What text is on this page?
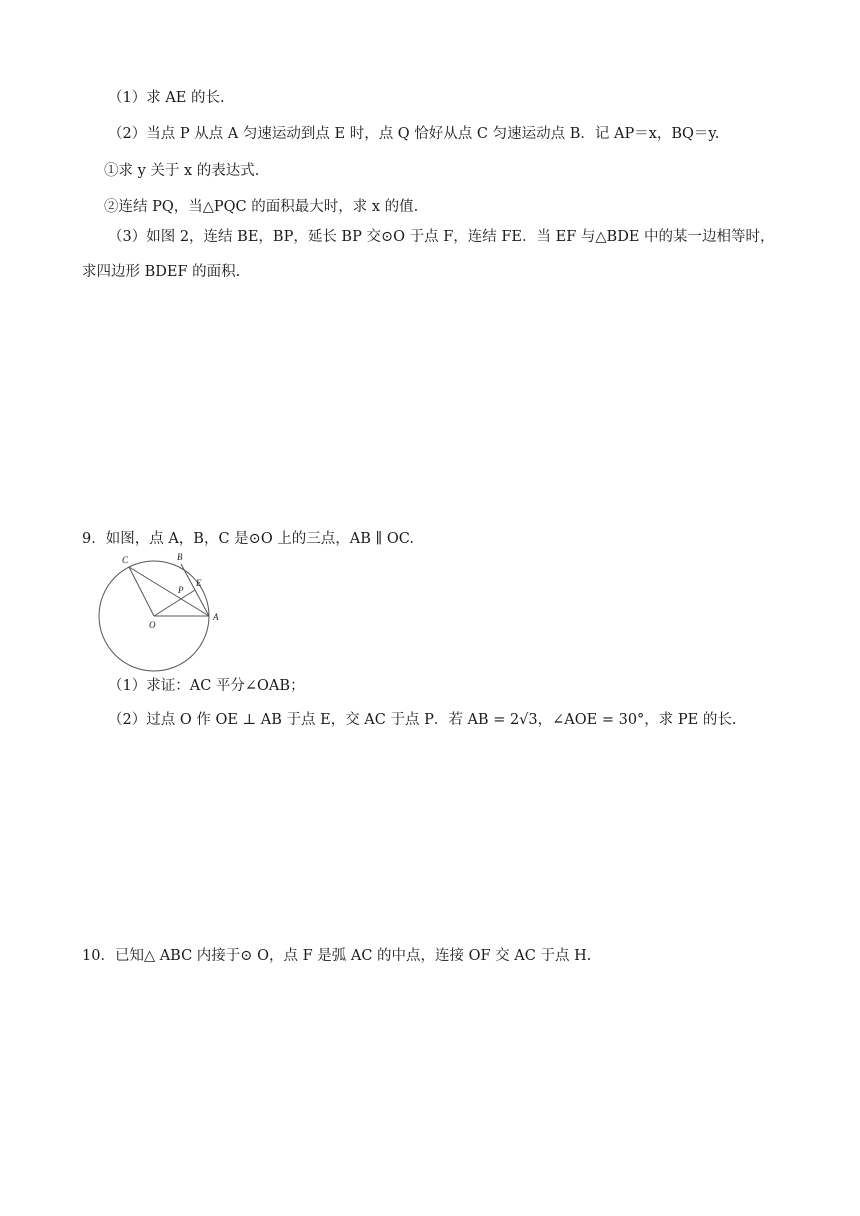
（1）求 AE 的长.
（2）当点 P 从点 A 匀速运动到点 E 时，点 Q 恰好从点 C 匀速运动点 B．记 AP＝x，BQ＝y.
①求 y 关于 x 的表达式.
②连结 PQ，当△PQC 的面积最大时，求 x 的值.
（3）如图 2，连结 BE，BP，延长 BP 交⊙O 于点 F，连结 FE．当 EF 与△BDE 中的某一边相等时，
求四边形 BDEF 的面积.
9．如图，点 A，B，C 是⊙O 上的三点，AB ∥ OC.
C	B
P
E
O
A
（1）求证：AC 平分∠OAB；
（2）过点 O 作 OE ⊥ AB 于点 E，交 AC 于点 P．若 AB = 2√3，∠AOE = 30°，求 PE 的长.
10．已知△ ABC 内接于⊙ O，点 F 是弧 AC 的中点，连接 OF 交 AC 于点 H.
